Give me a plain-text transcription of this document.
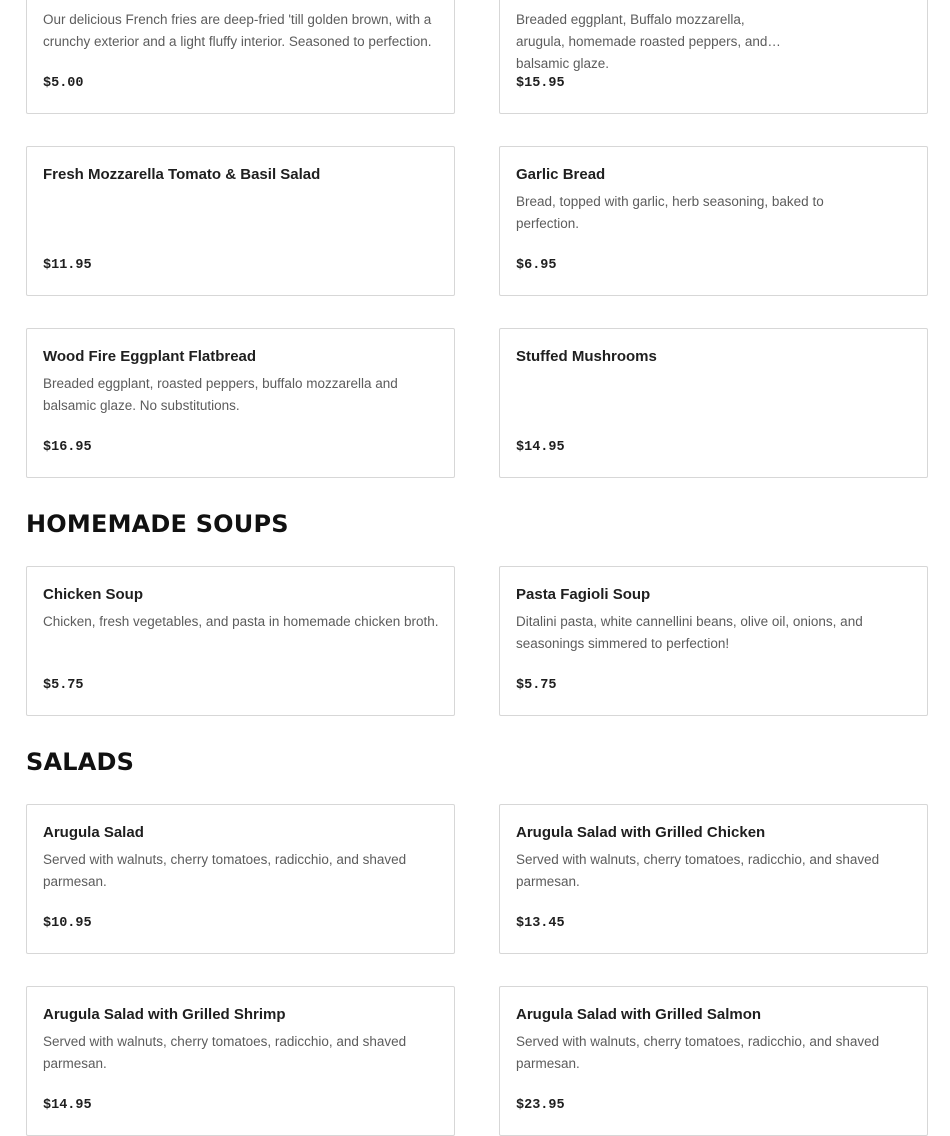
Our delicious French fries are deep-fried 'till golden brown, with a crunchy exterior and a light fluffy interior. Seasoned to perfection.
$5.00
Breaded eggplant, Buffalo mozzarella, arugula, homemade roasted peppers, and balsamic glaze.
$15.95
Fresh Mozzarella Tomato & Basil Salad
$11.95
Garlic Bread
Bread, topped with garlic, herb seasoning, baked to perfection.
$6.95
Wood Fire Eggplant Flatbread
Breaded eggplant, roasted peppers, buffalo mozzarella and balsamic glaze. No substitutions.
$16.95
Stuffed Mushrooms
$14.95
HOMEMADE SOUPS
Chicken Soup
Chicken, fresh vegetables, and pasta in homemade chicken broth.
$5.75
Pasta Fagioli Soup
Ditalini pasta, white cannellini beans, olive oil, onions, and seasonings simmered to perfection!
$5.75
SALADS
Arugula Salad
Served with walnuts, cherry tomatoes, radicchio, and shaved parmesan.
$10.95
Arugula Salad with Grilled Chicken
Served with walnuts, cherry tomatoes, radicchio, and shaved parmesan.
$13.45
Arugula Salad with Grilled Shrimp
Served with walnuts, cherry tomatoes, radicchio, and shaved parmesan.
$14.95
Arugula Salad with Grilled Salmon
Served with walnuts, cherry tomatoes, radicchio, and shaved parmesan.
$23.95
